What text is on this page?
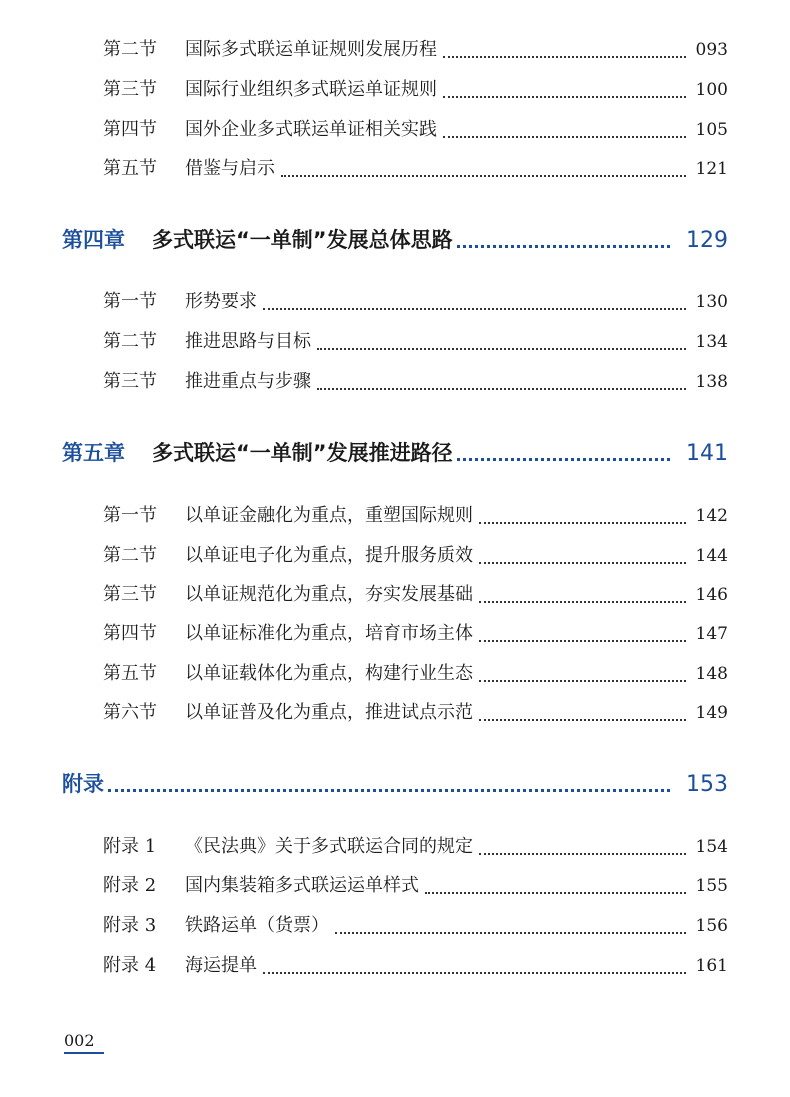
第二节	国际多式联运单证规则发展历程	093
第三节	国际行业组织多式联运单证规则	100
第四节	国外企业多式联运单证相关实践	105
第五节	借鉴与启示	121
第四章	多式联运“一单制”发展总体思路	129
第一节	形势要求	130
第二节	推进思路与目标	134
第三节	推进重点与步骤	138
第五章	多式联运“一单制”发展推进路径	141
第一节	以单证金融化为重点，重塑国际规则	142
第二节	以单证电子化为重点，提升服务质效	144
第三节	以单证规范化为重点，夯实发展基础	146
第四节	以单证标准化为重点，培育市场主体	147
第五节	以单证载体化为重点，构建行业生态	148
第六节	以单证普及化为重点，推进试点示范	149
附录	153
附录 1	《民法典》关于多式联运合同的规定	154
附录 2	国内集装箱多式联运运单样式	155
附录 3	铁路运单（货票）	156
附录 4	海运提单	161
002
